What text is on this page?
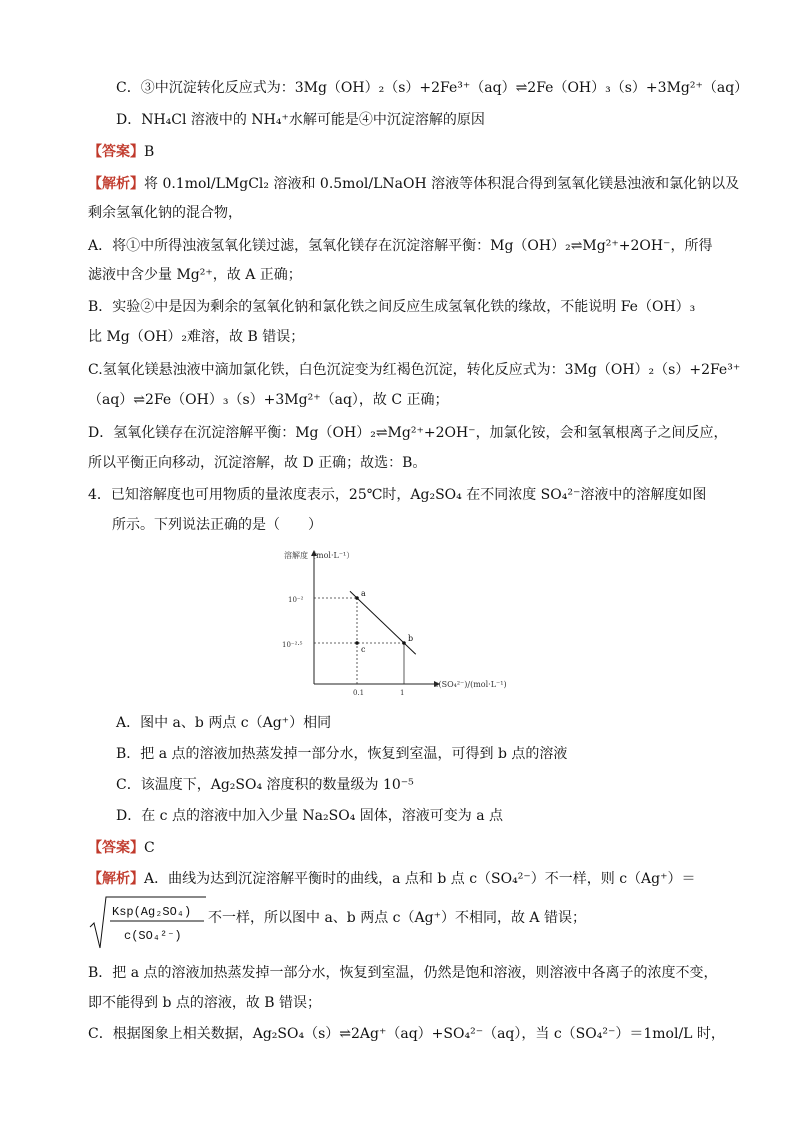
C．③中沉淀转化反应式为：3Mg（OH）₂（s）+2Fe³⁺（aq）⇌2Fe（OH）₃（s）+3Mg²⁺（aq）
D．NH₄Cl 溶液中的 NH₄⁺水解可能是④中沉淀溶解的原因
【答案】B
【解析】将 0.1mol/LMgCl₂ 溶液和 0.5mol/LNaOH 溶液等体积混合得到氢氧化镁悬浊液和氯化钠以及
剩余氢氧化钠的混合物，
A．将①中所得浊液氢氧化镁过滤，氢氧化镁存在沉淀溶解平衡：Mg（OH）₂⇌Mg²⁺+2OH⁻，所得
滤液中含少量 Mg²⁺，故 A 正确；
B．实验②中是因为剩余的氢氧化钠和氯化铁之间反应生成氢氧化铁的缘故，不能说明 Fe（OH）₃
比 Mg（OH）₂难溶，故 B 错误；
C.氢氧化镁悬浊液中滴加氯化铁，白色沉淀变为红褐色沉淀，转化反应式为：3Mg（OH）₂（s）+2Fe³⁺
（aq）⇌2Fe（OH）₃（s）+3Mg²⁺（aq），故 C 正确；
D．氢氧化镁存在沉淀溶解平衡：Mg（OH）₂⇌Mg²⁺+2OH⁻，加氯化铵，会和氢氧根离子之间反应，
所以平衡正向移动，沉淀溶解，故 D 正确；故选：B。
4．已知溶解度也可用物质的量浓度表示，25℃时，Ag₂SO₄ 在不同浓度 SO₄²⁻溶液中的溶解度如图
所示。下列说法正确的是（　　）
溶解度（mol·L⁻¹）
c(SO₄²⁻)/(mol·L⁻¹)
10⁻²
10⁻²·⁵
0.1	1
a
b
c
A．图中 a、b 两点 c（Ag⁺）相同
B．把 a 点的溶液加热蒸发掉一部分水，恢复到室温，可得到 b 点的溶液
C．该温度下，Ag₂SO₄ 溶度积的数量级为 10⁻⁵
D．在 c 点的溶液中加入少量 Na₂SO₄ 固体，溶液可变为 a 点
【答案】C
【解析】A．曲线为达到沉淀溶解平衡时的曲线，a 点和 b 点 c（SO₄²⁻）不一样，则 c（Ag⁺）＝
Ksp(Ag₂SO₄)
c(SO₄²⁻)
不一样，所以图中 a、b 两点 c（Ag⁺）不相同，故 A 错误；
B．把 a 点的溶液加热蒸发掉一部分水，恢复到室温，仍然是饱和溶液，则溶液中各离子的浓度不变，
即不能得到 b 点的溶液，故 B 错误；
C．根据图象上相关数据，Ag₂SO₄（s）⇌2Ag⁺（aq）+SO₄²⁻（aq），当 c（SO₄²⁻）＝1mol/L 时，
